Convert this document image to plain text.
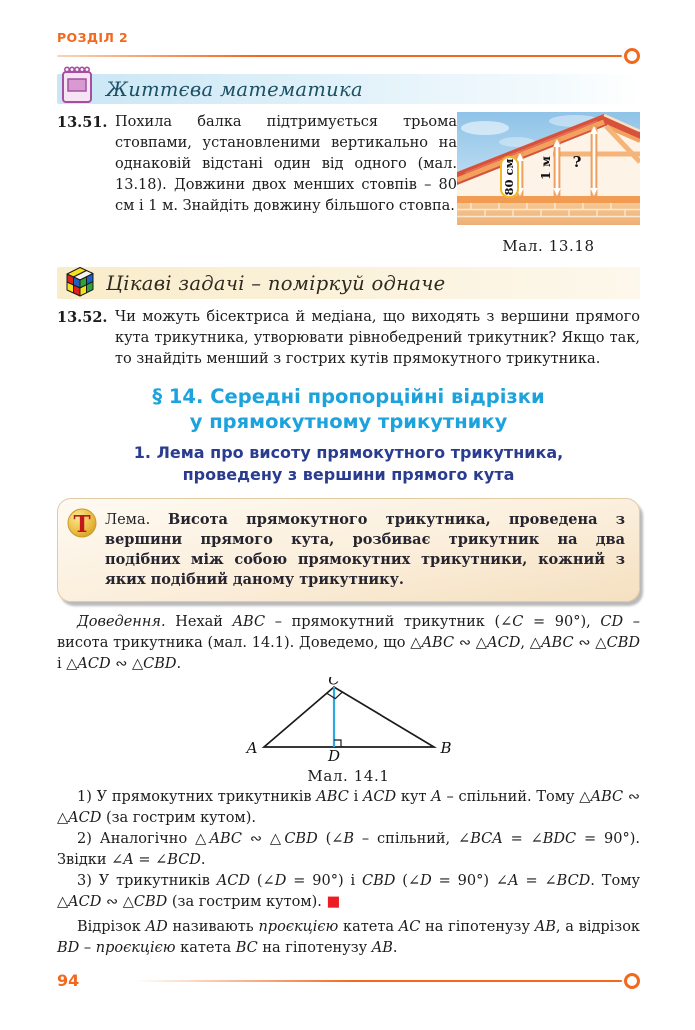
РОЗДІЛ 2
Життєва математика
13.51. Похила балка підтримується трьома стовпами, установленими вертикально на однаковій відстані один від одного (мал. 13.18). Довжини двох менших стовпів – 80 см і 1 м. Знайдіть довжину більшого стовпа.
80 см 1 м ?
Мал. 13.18
Цікаві задачі – поміркуй одначе
13.52. Чи можуть бісектриса й медіана, що виходять з вершини прямого кута трикутника, утворювати рівнобедрений трикутник? Якщо так, то знайдіть менший з гострих кутів прямокутного трикутника.
§ 14. Середні пропорційні відрізки
у прямокутному трикутнику
1. Лема про висоту прямокутного трикутника,
проведену з вершини прямого кута
Т Лема. Висота прямокутного трикутника, проведена з вершини прямого кута, розбиває трикутник на два подібних між собою прямокутних трикутники, кожний з яких подібний даному трикутнику.
Доведення. Нехай ABC – прямокутний трикутник (∠C = 90°), CD – висота трикутника (мал. 14.1). Доведемо, що △ABC ∾ △ACD, △ABC ∾ △CBD і △ACD ∾ △CBD.
C
A	B
D
Мал. 14.1
1) У прямокутних трикутників ABC і ACD кут A – спільний. Тому △ABC ∾ △ACD (за гострим кутом).
2) Аналогічно △ABC ∾ △CBD (∠B – спільний, ∠BCA = ∠BDC = 90°). Звідки ∠A = ∠BCD.
3) У трикутників ACD (∠D = 90°) і CBD (∠D = 90°) ∠A = ∠BCD. Тому △ACD ∾ △CBD (за гострим кутом). ■
Відрізок AD називають проєкцією катета AC на гіпотенузу AB, а відрізок BD – проєкцією катета BC на гіпотенузу AB.
94
